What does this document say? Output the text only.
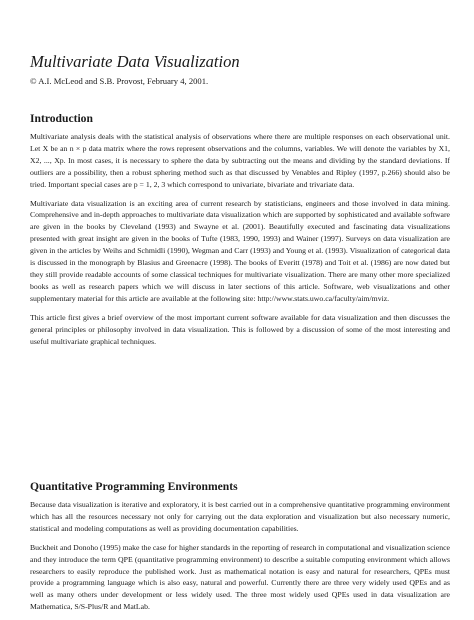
Multivariate Data Visualization
© A.I. McLeod and S.B. Provost, February 4, 2001.
Introduction

Multivariate analysis deals with the statistical analysis of observations where there are multiple responses on each observational unit. Let X be an n × p data matrix where the rows represent observations and the columns, variables. We will denote the variables by X1, X2, ..., Xp. In most cases, it is necessary to sphere the data by subtracting out the means and dividing by the standard deviations. If outliers are a possibility, then a robust sphering method such as that discussed by Venables and Ripley (1997, p.266) should also be tried. Important special cases are p = 1, 2, 3 which correspond to univariate, bivariate and trivariate data.

Multivariate data visualization is an exciting area of current research by statisticians, engineers and those involved in data mining. Comprehensive and in-depth approaches to multivariate data visualization which are supported by sophisticated and available software are given in the books by Cleveland (1993) and Swayne et al. (2001). Beautifully executed and fascinating data visualizations presented with great insight are given in the books of Tufte (1983, 1990, 1993) and Wainer (1997). Surveys on data visualization are given in the articles by Weihs and Schmidli (1990), Wegman and Carr (1993) and Young et al. (1993). Visualization of categorical data is discussed in the monograph by Blasius and Greenacre (1998). The books of Everitt (1978) and Toit et al. (1986) are now dated but they still provide readable accounts of some classical techniques for multivariate visualization. There are many other more specialized books as well as research papers which we will discuss in later sections of this article. Software, web visualizations and other supplementary material for this article are available at the following site: http://www.stats.uwo.ca/faculty/aim/mviz.

This article first gives a brief overview of the most important current software available for data visualization and then discusses the general principles or philosophy involved in data visualization. This is followed by a discussion of some of the most interesting and useful multivariate graphical techniques.

Quantitative Programming Environments

Because data visualization is iterative and exploratory, it is best carried out in a comprehensive quantitative programming environment which has all the resources necessary not only for carrying out the data exploration and visualization but also necessary numeric, statistical and modeling computations as well as providing documentation capabilities.

Buckheit and Donoho (1995) make the case for higher standards in the reporting of research in computational and visualization science and they introduce the term QPE (quantitative programming environment) to describe a suitable computing environment which allows researchers to easily reproduce the published work. Just as mathematical notation is easy and natural for researchers, QPEs must provide a programming language which is also easy, natural and powerful. Currently there are three very widely used QPEs and as well as many others under development or less widely used. The three most widely used QPEs used in data visualization are Mathematica, S/S-Plus/R and MatLab.
